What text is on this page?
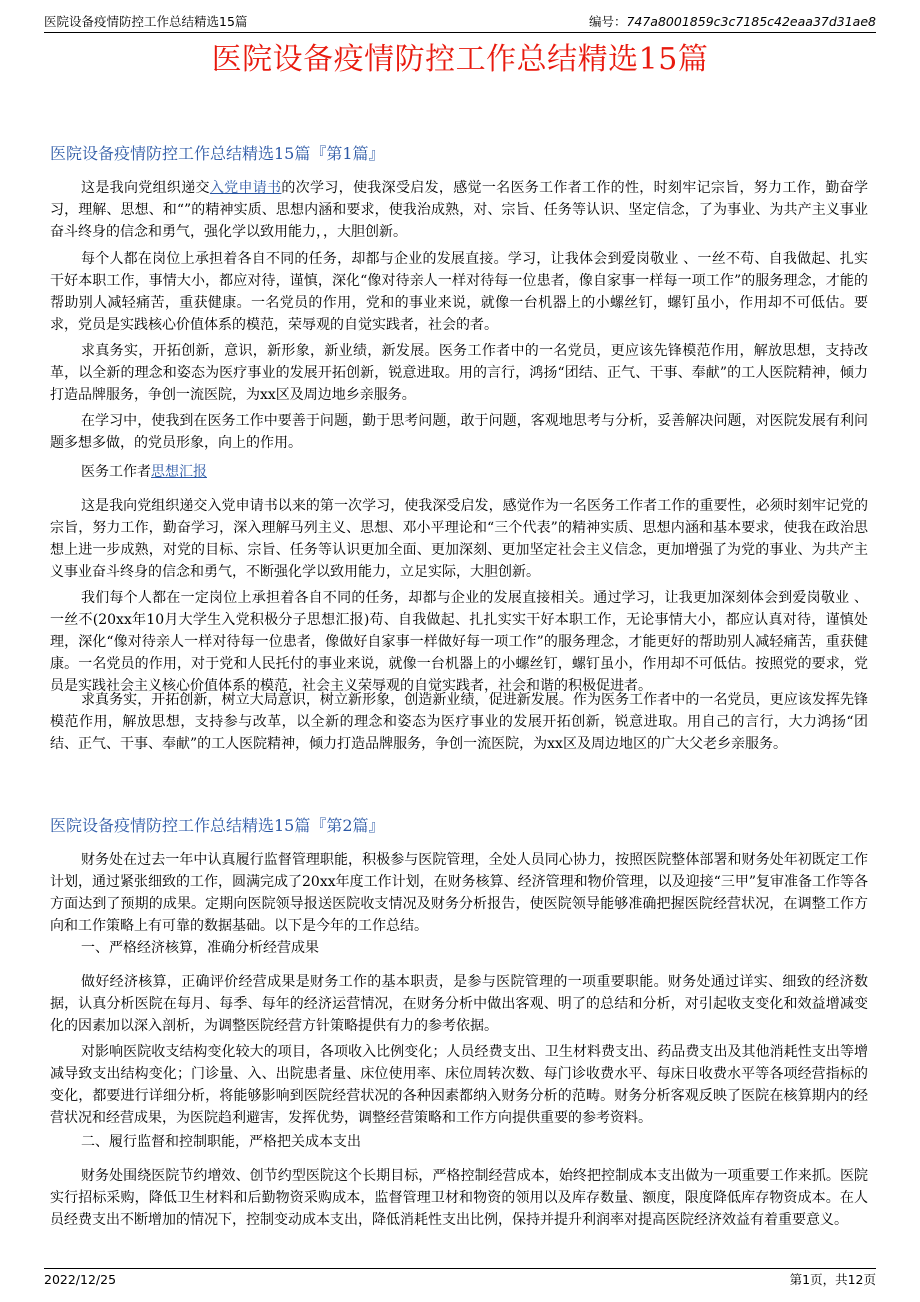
医院设备疫情防控工作总结精选15篇	编号：747a8001859c3c7185c42eaa37d31ae8
医院设备疫情防控工作总结精选15篇
医院设备疫情防控工作总结精选15篇『第1篇』

这是我向党组织递交入党申请书的次学习，使我深受启发，感觉一名医务工作者工作的性，时刻牢记宗旨，努力工作，勤奋学习，理解、思想、和“”的精神实质、思想内涵和要求，使我治成熟，对、宗旨、任务等认识、坚定信念，了为事业、为共产主义事业奋斗终身的信念和勇气，强化学以致用能力，，大胆创新。

每个人都在岗位上承担着各自不同的任务，却都与企业的发展直接。学习，让我体会到爱岗敬业 、一丝不苟、自我做起、扎实干好本职工作，事情大小，都应对待，谨慎，深化“像对待亲人一样对待每一位患者，像自家事一样每一项工作”的服务理念，才能的帮助别人减轻痛苦，重获健康。一名党员的作用，党和的事业来说，就像一台机器上的小螺丝钉，螺钉虽小，作用却不可低估。要求，党员是实践核心价值体系的模范，荣辱观的自觉实践者，社会的者。

求真务实，开拓创新，意识，新形象，新业绩，新发展。医务工作者中的一名党员，更应该先锋模范作用，解放思想，支持改革，以全新的理念和姿态为医疗事业的发展开拓创新，锐意进取。用的言行，鸿扬“团结、正气、干事、奉献”的工人医院精神，倾力打造品牌服务，争创一流医院，为xx区及周边地乡亲服务。

在学习中，使我到在医务工作中要善于问题，勤于思考问题，敢于问题，客观地思考与分析，妥善解决问题，对医院发展有利问题多想多做，的党员形象，向上的作用。

医务工作者思想汇报

这是我向党组织递交入党申请书以来的第一次学习，使我深受启发，感觉作为一名医务工作者工作的重要性，必须时刻牢记党的宗旨，努力工作，勤奋学习，深入理解马列主义、思想、邓小平理论和“三个代表”的精神实质、思想内涵和基本要求，使我在政治思想上进一步成熟，对党的目标、宗旨、任务等认识更加全面、更加深刻、更加坚定社会主义信念，更加增强了为党的事业、为共产主义事业奋斗终身的信念和勇气，不断强化学以致用能力，立足实际，大胆创新。

我们每个人都在一定岗位上承担着各自不同的任务，却都与企业的发展直接相关。通过学习，让我更加深刻体会到爱岗敬业 、一丝不(20xx年10月大学生入党积极分子思想汇报)苟、自我做起、扎扎实实干好本职工作，无论事情大小，都应认真对待，谨慎处理，深化“像对待亲人一样对待每一位患者，像做好自家事一样做好每一项工作”的服务理念，才能更好的帮助别人减轻痛苦，重获健康。一名党员的作用，对于党和人民托付的事业来说，就像一台机器上的小螺丝钉，螺钉虽小，作用却不可低估。按照党的要求，党员是实践社会主义核心价值体系的模范，社会主义荣辱观的自觉实践者，社会和谐的积极促进者。

求真务实，开拓创新，树立大局意识，树立新形象，创造新业绩，促进新发展。作为医务工作者中的一名党员，更应该发挥先锋模范作用，解放思想，支持参与改革，以全新的理念和姿态为医疗事业的发展开拓创新，锐意进取。用自己的言行，大力鸿扬“团结、正气、干事、奉献”的工人医院精神，倾力打造品牌服务，争创一流医院，为xx区及周边地区的广大父老乡亲服务。

医院设备疫情防控工作总结精选15篇『第2篇』

财务处在过去一年中认真履行监督管理职能，积极参与医院管理，全处人员同心协力，按照医院整体部署和财务处年初既定工作计划，通过紧张细致的工作，圆满完成了20xx年度工作计划，在财务核算、经济管理和物价管理，以及迎接“三甲”复审准备工作等各方面达到了预期的成果。定期向医院领导报送医院收支情况及财务分析报告，使医院领导能够准确把握医院经营状况，在调整工作方向和工作策略上有可靠的数据基础。以下是今年的工作总结。

一、严格经济核算，准确分析经营成果

做好经济核算，正确评价经营成果是财务工作的基本职责，是参与医院管理的一项重要职能。财务处通过详实、细致的经济数据，认真分析医院在每月、每季、每年的经济运营情况，在财务分析中做出客观、明了的总结和分析，对引起收支变化和效益增减变化的因素加以深入剖析，为调整医院经营方针策略提供有力的参考依据。

对影响医院收支结构变化较大的项目，各项收入比例变化；人员经费支出、卫生材料费支出、药品费支出及其他消耗性支出等增减导致支出结构变化；门诊量、入、出院患者量、床位使用率、床位周转次数、每门诊收费水平、每床日收费水平等各项经营指标的变化，都要进行详细分析，将能够影响到医院经营状况的各种因素都纳入财务分析的范畴。财务分析客观反映了医院在核算期内的经营状况和经营成果，为医院趋利避害，发挥优势，调整经营策略和工作方向提供重要的参考资料。

二、履行监督和控制职能，严格把关成本支出

财务处围绕医院节约增效、创节约型医院这个长期目标，严格控制经营成本，始终把控制成本支出做为一项重要工作来抓。医院实行招标采购，降低卫生材料和后勤物资采购成本，监督管理卫材和物资的领用以及库存数量、额度，限度降低库存物资成本。在人员经费支出不断增加的情况下，控制变动成本支出，降低消耗性支出比例，保持并提升利润率对提高医院经济效益有着重要意义。

2022/12/25	第1页，共12页
